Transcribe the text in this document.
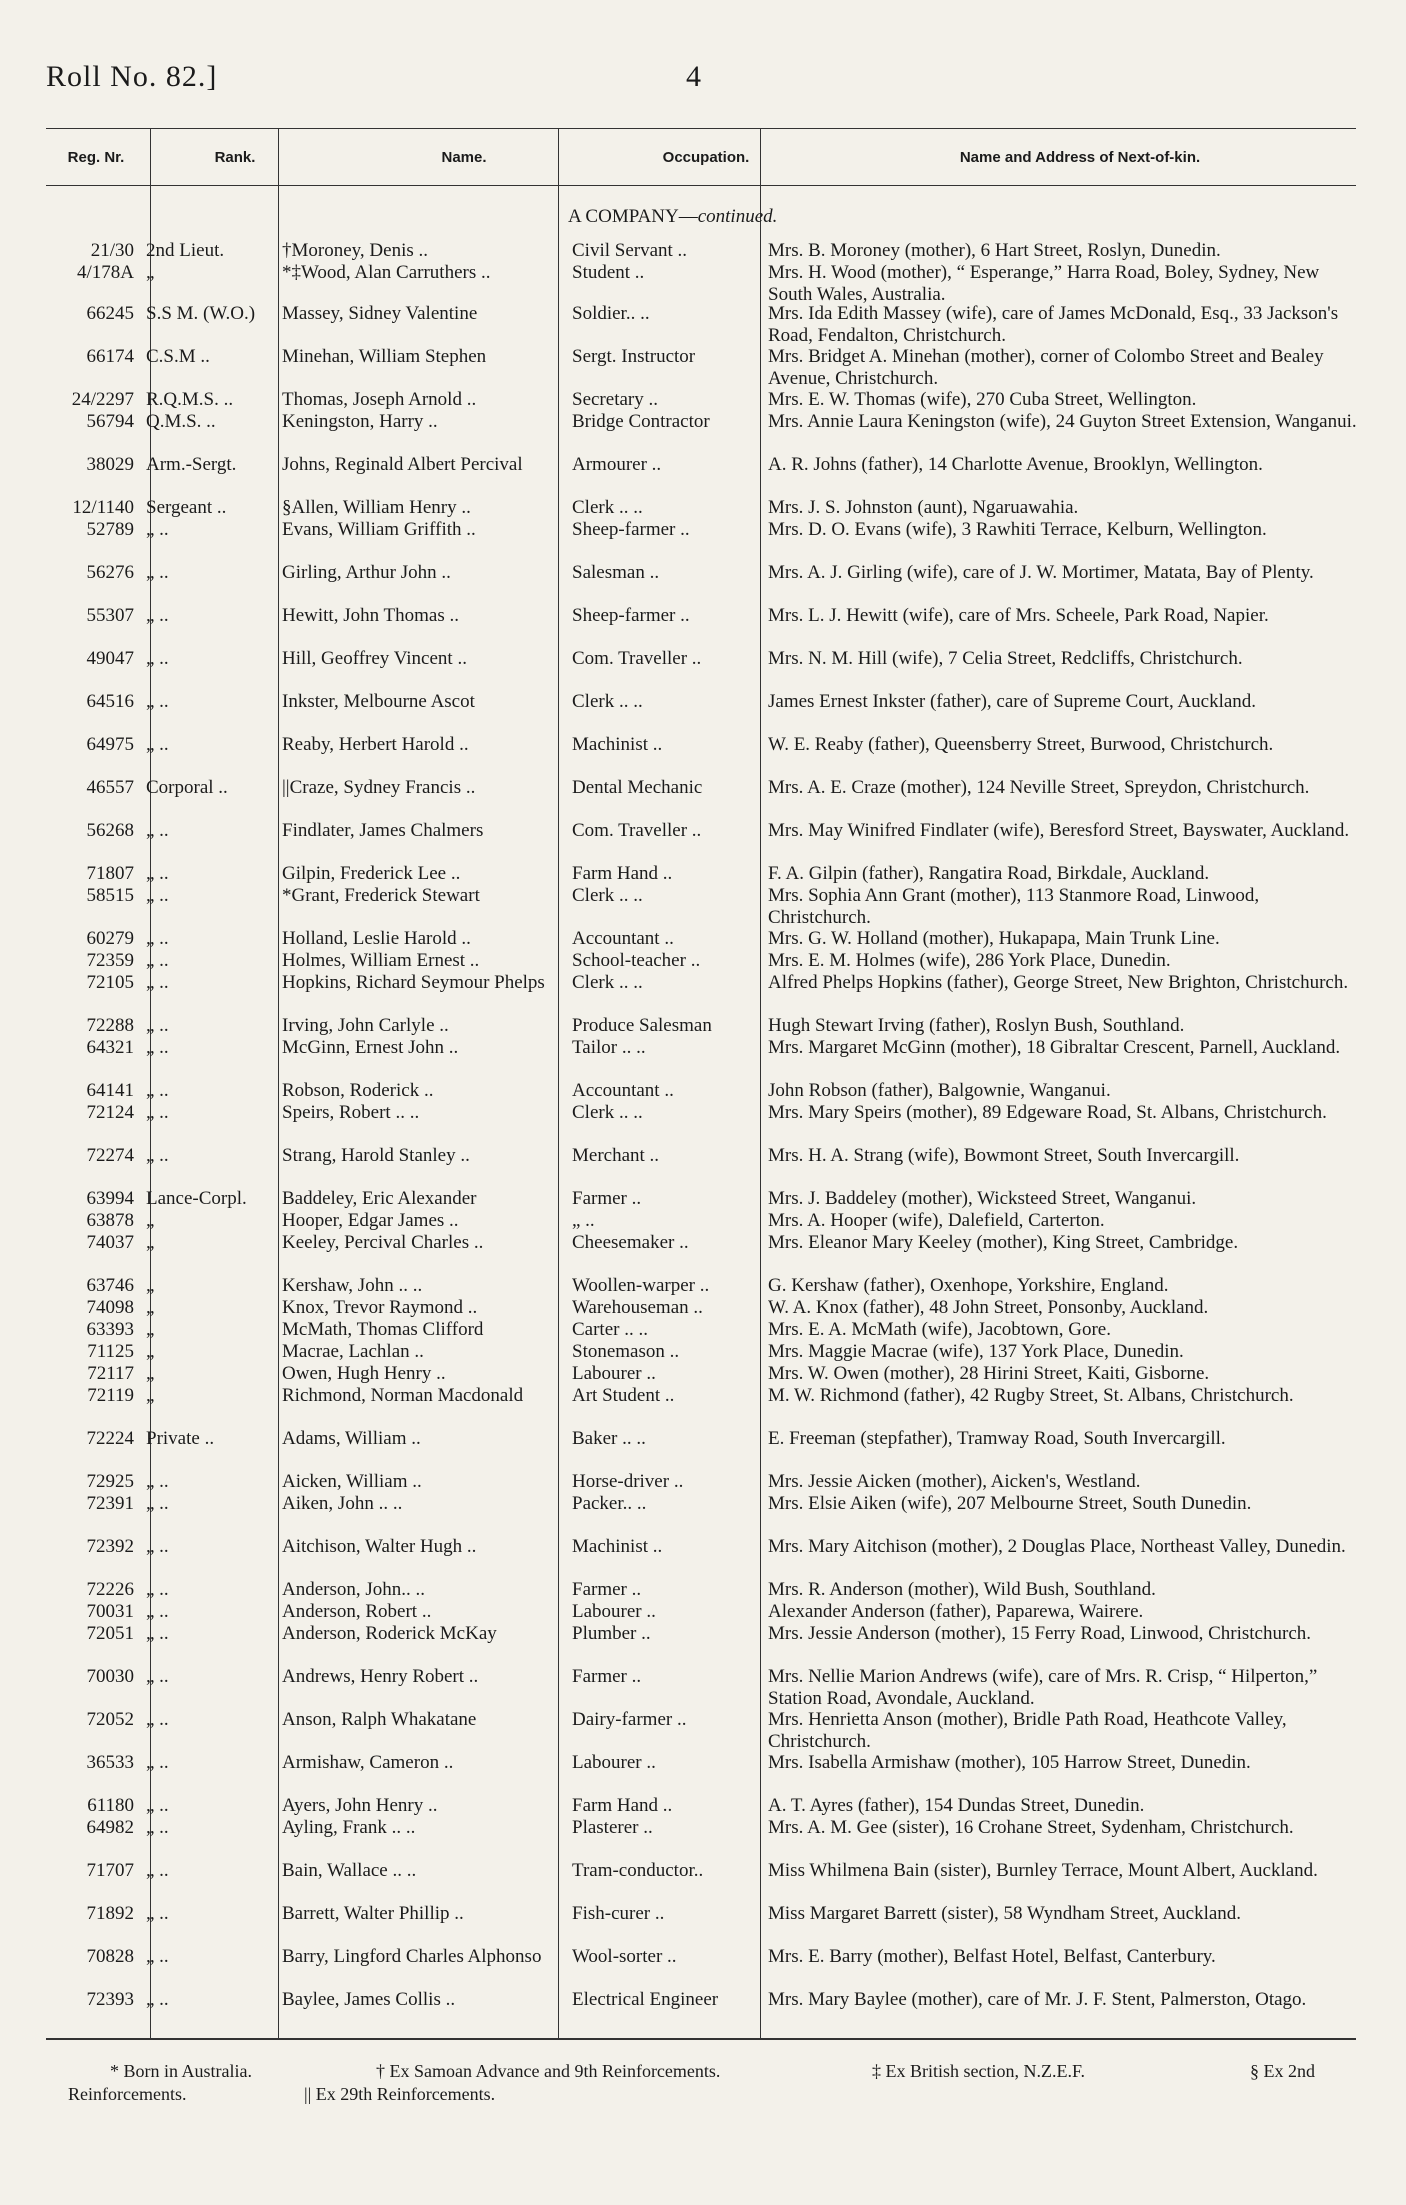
Roll No. 82.]	4
Reg. Nr.	Rank.	Name.	Occupation.	Name and Address of Next-of-kin.
A COMPANY—continued.
21/30 2nd Lieut.	†Moroney, Denis ..	Civil Servant ..	Mrs. B. Moroney (mother), 6 Hart Street, Roslyn, Dunedin.
4/178A „	*‡Wood, Alan Carruthers ..	Student ..	Mrs. H. Wood (mother), “ Esperange,” Harra Road, Boley, Sydney, New South Wales, Australia.
66245 S.S M. (W.O.)	Massey, Sidney Valentine	Soldier.. ..	Mrs. Ida Edith Massey (wife), care of James McDonald, Esq., 33 Jackson's Road, Fendalton, Christchurch.
66174 C.S.M ..	Minehan, William Stephen	Sergt. Instructor	Mrs. Bridget A. Minehan (mother), corner of Colombo Street and Bealey Avenue, Christchurch.
24/2297 R.Q.M.S. ..	Thomas, Joseph Arnold ..	Secretary ..	Mrs. E. W. Thomas (wife), 270 Cuba Street, Wellington.
56794 Q.M.S. ..	Keningston, Harry ..	Bridge Contractor	Mrs. Annie Laura Keningston (wife), 24 Guyton Street Extension, Wanganui.
38029 Arm.-Sergt.	Johns, Reginald Albert Percival	Armourer ..	A. R. Johns (father), 14 Charlotte Avenue, Brooklyn, Wellington.
12/1140 Sergeant ..	§Allen, William Henry ..	Clerk .. ..	Mrs. J. S. Johnston (aunt), Ngaruawahia.
52789 „ ..	Evans, William Griffith ..	Sheep-farmer ..	Mrs. D. O. Evans (wife), 3 Rawhiti Terrace, Kelburn, Wellington.
56276 „ ..	Girling, Arthur John ..	Salesman ..	Mrs. A. J. Girling (wife), care of J. W. Mortimer, Matata, Bay of Plenty.
55307 „ ..	Hewitt, John Thomas ..	Sheep-farmer ..	Mrs. L. J. Hewitt (wife), care of Mrs. Scheele, Park Road, Napier.
49047 „ ..	Hill, Geoffrey Vincent ..	Com. Traveller ..	Mrs. N. M. Hill (wife), 7 Celia Street, Redcliffs, Christchurch.
64516 „ ..	Inkster, Melbourne Ascot	Clerk .. ..	James Ernest Inkster (father), care of Supreme Court, Auckland.
64975 „ ..	Reaby, Herbert Harold ..	Machinist ..	W. E. Reaby (father), Queensberry Street, Burwood, Christchurch.
46557 Corporal ..	||Craze, Sydney Francis ..	Dental Mechanic	Mrs. A. E. Craze (mother), 124 Neville Street, Spreydon, Christchurch.
56268 „ ..	Findlater, James Chalmers	Com. Traveller ..	Mrs. May Winifred Findlater (wife), Beresford Street, Bayswater, Auckland.
71807 „ ..	Gilpin, Frederick Lee ..	Farm Hand ..	F. A. Gilpin (father), Rangatira Road, Birkdale, Auckland.
58515 „ ..	*Grant, Frederick Stewart	Clerk .. ..	Mrs. Sophia Ann Grant (mother), 113 Stanmore Road, Linwood, Christchurch.
60279 „ ..	Holland, Leslie Harold ..	Accountant ..	Mrs. G. W. Holland (mother), Hukapapa, Main Trunk Line.
72359 „ ..	Holmes, William Ernest ..	School-teacher ..	Mrs. E. M. Holmes (wife), 286 York Place, Dunedin.
72105 „ ..	Hopkins, Richard Seymour Phelps	Clerk .. ..	Alfred Phelps Hopkins (father), George Street, New Brighton, Christchurch.
72288 „ ..	Irving, John Carlyle ..	Produce Salesman	Hugh Stewart Irving (father), Roslyn Bush, Southland.
64321 „ ..	McGinn, Ernest John ..	Tailor .. ..	Mrs. Margaret McGinn (mother), 18 Gibraltar Crescent, Parnell, Auckland.
64141 „ ..	Robson, Roderick ..	Accountant ..	John Robson (father), Balgownie, Wanganui.
72124 „ ..	Speirs, Robert .. ..	Clerk .. ..	Mrs. Mary Speirs (mother), 89 Edgeware Road, St. Albans, Christchurch.
72274 „ ..	Strang, Harold Stanley ..	Merchant ..	Mrs. H. A. Strang (wife), Bowmont Street, South Invercargill.
63994 Lance-Corpl.	Baddeley, Eric Alexander	Farmer ..	Mrs. J. Baddeley (mother), Wicksteed Street, Wanganui.
63878 „	Hooper, Edgar James ..	„ ..	Mrs. A. Hooper (wife), Dalefield, Carterton.
74037 „	Keeley, Percival Charles ..	Cheesemaker ..	Mrs. Eleanor Mary Keeley (mother), King Street, Cambridge.
63746 „	Kershaw, John .. ..	Woollen-warper ..	G. Kershaw (father), Oxenhope, Yorkshire, England.
74098 „	Knox, Trevor Raymond ..	Warehouseman ..	W. A. Knox (father), 48 John Street, Ponsonby, Auckland.
63393 „	McMath, Thomas Clifford	Carter .. ..	Mrs. E. A. McMath (wife), Jacobtown, Gore.
71125 „	Macrae, Lachlan ..	Stonemason ..	Mrs. Maggie Macrae (wife), 137 York Place, Dunedin.
72117 „	Owen, Hugh Henry ..	Labourer ..	Mrs. W. Owen (mother), 28 Hirini Street, Kaiti, Gisborne.
72119 „	Richmond, Norman Macdonald	Art Student ..	M. W. Richmond (father), 42 Rugby Street, St. Albans, Christchurch.
72224 Private ..	Adams, William ..	Baker .. ..	E. Freeman (stepfather), Tramway Road, South Invercargill.
72925 „ ..	Aicken, William ..	Horse-driver ..	Mrs. Jessie Aicken (mother), Aicken's, Westland.
72391 „ ..	Aiken, John .. ..	Packer.. ..	Mrs. Elsie Aiken (wife), 207 Melbourne Street, South Dunedin.
72392 „ ..	Aitchison, Walter Hugh ..	Machinist ..	Mrs. Mary Aitchison (mother), 2 Douglas Place, Northeast Valley, Dunedin.
72226 „ ..	Anderson, John.. ..	Farmer ..	Mrs. R. Anderson (mother), Wild Bush, Southland.
70031 „ ..	Anderson, Robert ..	Labourer ..	Alexander Anderson (father), Paparewa, Wairere.
72051 „ ..	Anderson, Roderick McKay	Plumber ..	Mrs. Jessie Anderson (mother), 15 Ferry Road, Linwood, Christchurch.
70030 „ ..	Andrews, Henry Robert ..	Farmer ..	Mrs. Nellie Marion Andrews (wife), care of Mrs. R. Crisp, “ Hilperton,” Station Road, Avondale, Auckland.
72052 „ ..	Anson, Ralph Whakatane	Dairy-farmer ..	Mrs. Henrietta Anson (mother), Bridle Path Road, Heathcote Valley, Christchurch.
36533 „ ..	Armishaw, Cameron ..	Labourer ..	Mrs. Isabella Armishaw (mother), 105 Harrow Street, Dunedin.
61180 „ ..	Ayers, John Henry ..	Farm Hand ..	A. T. Ayres (father), 154 Dundas Street, Dunedin.
64982 „ ..	Ayling, Frank .. ..	Plasterer ..	Mrs. A. M. Gee (sister), 16 Crohane Street, Sydenham, Christchurch.
71707 „ ..	Bain, Wallace .. ..	Tram-conductor..	Miss Whilmena Bain (sister), Burnley Terrace, Mount Albert, Auckland.
71892 „ ..	Barrett, Walter Phillip ..	Fish-curer ..	Miss Margaret Barrett (sister), 58 Wyndham Street, Auckland.
70828 „ ..	Barry, Lingford Charles Alphonso	Wool-sorter ..	Mrs. E. Barry (mother), Belfast Hotel, Belfast, Canterbury.
72393 „ ..	Baylee, James Collis ..	Electrical Engineer	Mrs. Mary Baylee (mother), care of Mr. J. F. Stent, Palmerston, Otago.
* Born in Australia.	† Ex Samoan Advance and 9th Reinforcements.	‡ Ex British section, N.Z.E.F.	§ Ex 2nd
Reinforcements.	|| Ex 29th Reinforcements.
